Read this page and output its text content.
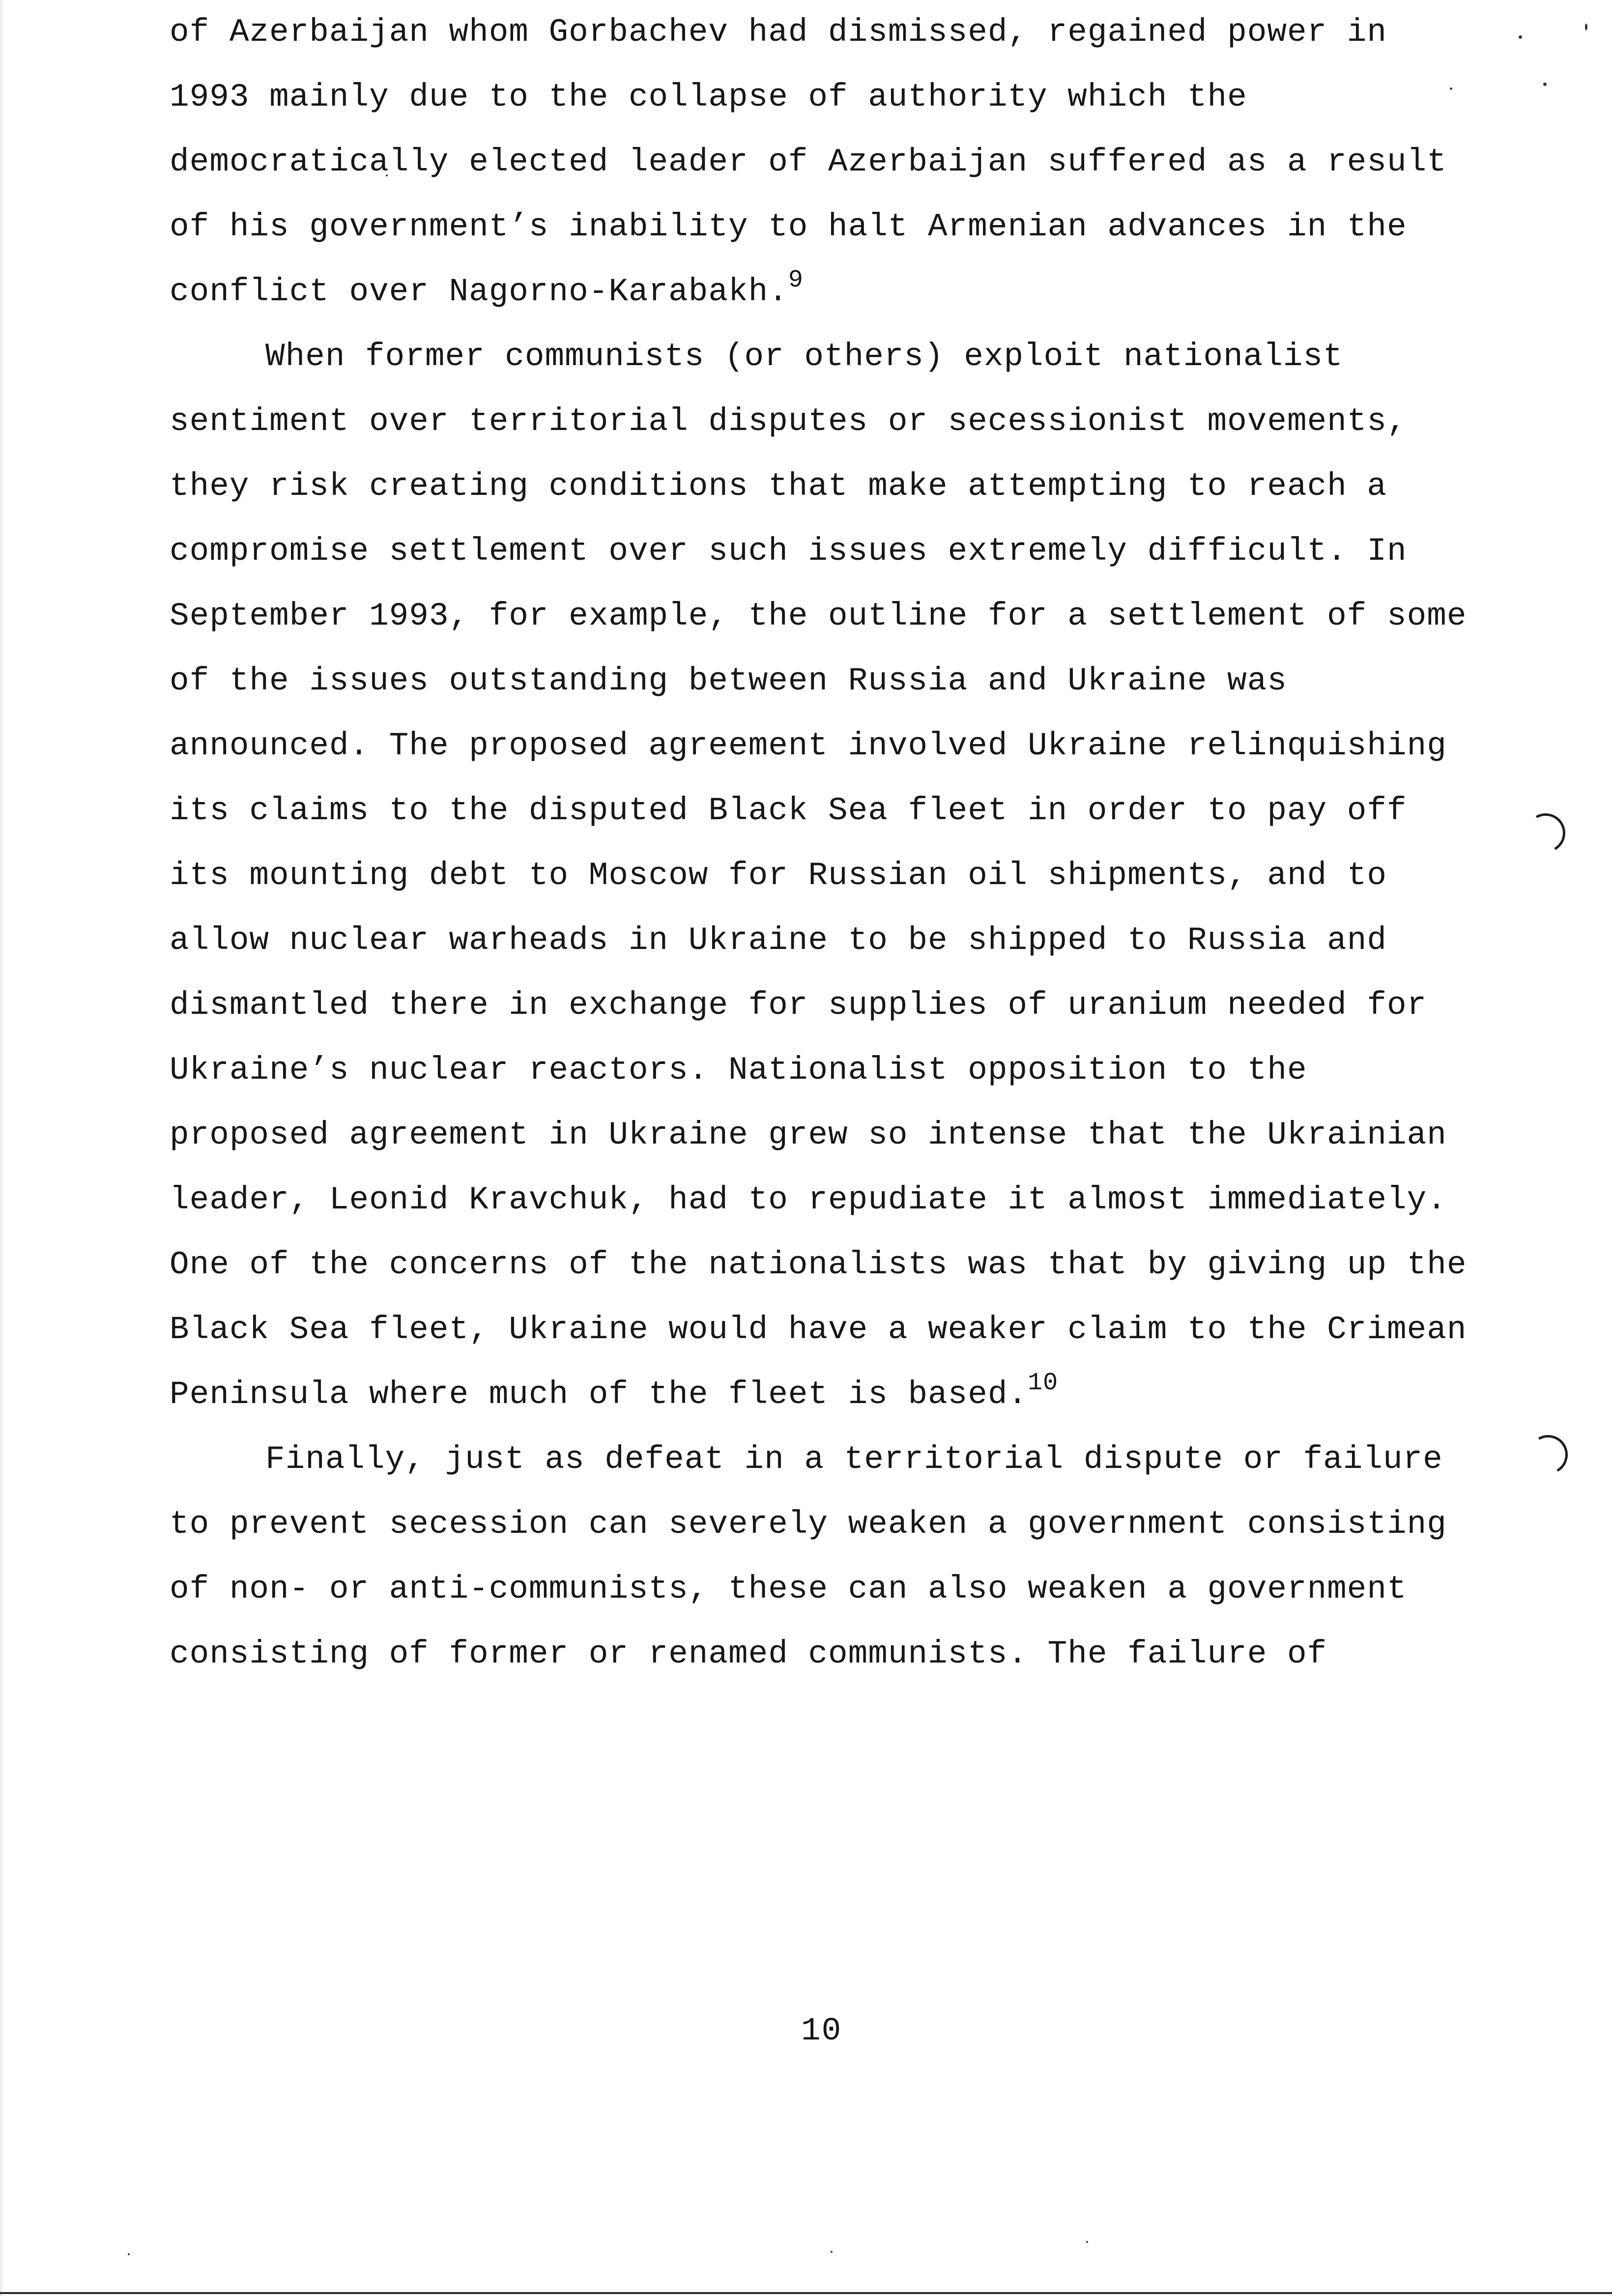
of Azerbaijan whom Gorbachev had dismissed, regained power in
1993 mainly due to the collapse of authority which the
democratically elected leader of Azerbaijan suffered as a result
of his government’s inability to halt Armenian advances in the
conflict over Nagorno-Karabakh.$^9$
When former communists (or others) exploit nationalist
sentiment over territorial disputes or secessionist movements,
they risk creating conditions that make attempting to reach a
compromise settlement over such issues extremely difficult. In
September 1993, for example, the outline for a settlement of some
of the issues outstanding between Russia and Ukraine was
announced. The proposed agreement involved Ukraine relinquishing
its claims to the disputed Black Sea fleet in order to pay off
its mounting debt to Moscow for Russian oil shipments, and to
allow nuclear warheads in Ukraine to be shipped to Russia and
dismantled there in exchange for supplies of uranium needed for
Ukraine’s nuclear reactors. Nationalist opposition to the
proposed agreement in Ukraine grew so intense that the Ukrainian
leader, Leonid Kravchuk, had to repudiate it almost immediately.
One of the concerns of the nationalists was that by giving up the
Black Sea fleet, Ukraine would have a weaker claim to the Crimean
Peninsula where much of the fleet is based.$^{10}$
Finally, just as defeat in a territorial dispute or failure
to prevent secession can severely weaken a government consisting
of non- or anti-communists, these can also weaken a government
consisting of former or renamed communists. The failure of
10
